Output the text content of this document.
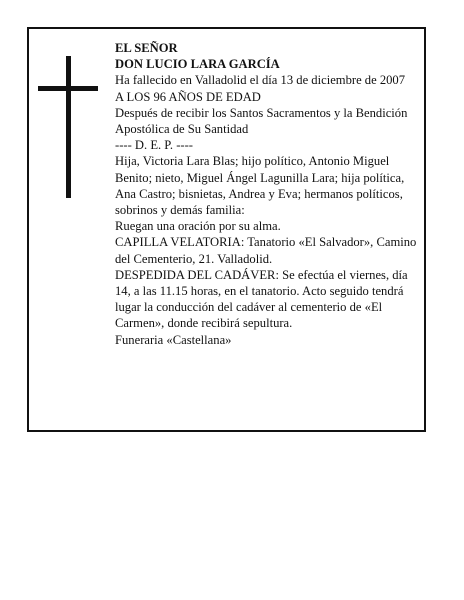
EL SEÑOR

DON LUCIO LARA GARCÍA

Ha fallecido en Valladolid el día 13 de diciembre de 2007

A LOS 96 AÑOS DE EDAD

Después de recibir los Santos Sacramentos y la Bendición Apostólica de Su Santidad

---- D. E. P. ----

Hija, Victoria Lara Blas; hijo político, Antonio Miguel Benito; nieto, Miguel Ángel Lagunilla Lara; hija política, Ana Castro; bisnietas, Andrea y Eva; hermanos políticos, sobrinos y demás familia:

Ruegan una oración por su alma.

CAPILLA VELATORIA: Tanatorio «El Salvador», Camino del Cementerio, 21. Valladolid.

DESPEDIDA DEL CADÁVER: Se efectúa el viernes, día 14, a las 11.15 horas, en el tanatorio. Acto seguido tendrá lugar la conducción del cadáver al cementerio de «El Carmen», donde recibirá sepultura.

Funeraria «Castellana»
